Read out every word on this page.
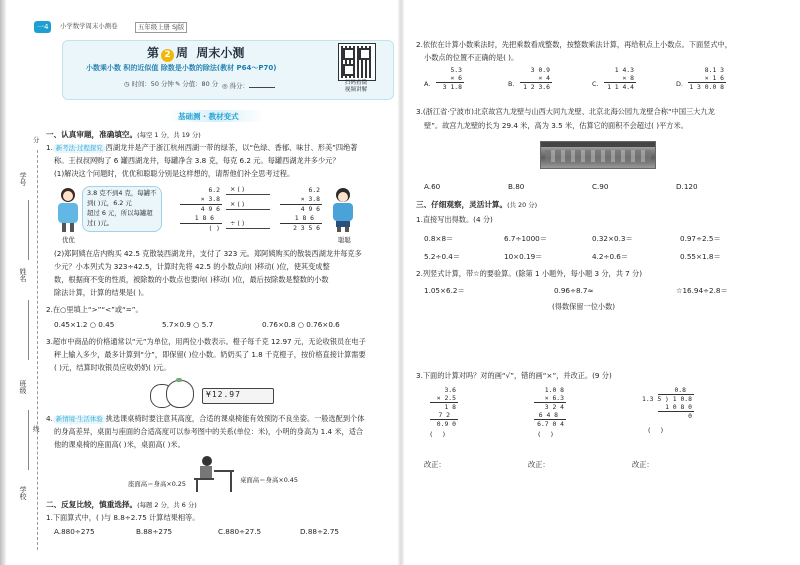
一4	小学数学周末小测卷	五年级上册 SJ版
第 2 周 周末小测
小数乘小数 积的近似值 除数是小数的除法(教材 P64～P70)
◷ 时间：50 分钟 ✎ 分值：80 分 ◎ 得分：	扫码看微
视频讲解
基础测 · 教材变式
学号
姓名
班级
学校
分
线
一、认真审题，准确填空。(每空 1 分，共 19 分)
1. 新考法·过程探究 西湖龙井是产于浙江杭州西湖一带的绿茶，以“色绿、香郁、味甘、形美”四绝著
称。王叔叔网购了 6 罐西湖龙井，每罐净含 3.8 克，每克 6.2 元。每罐西湖龙井多少元？
(1)解决这个问题时，优优和聪聪分别是这样想的，请帮他们补全思考过程。
3.8 克不到4 克，每罐不
到( )元，6.2 元
超过 6 元，所以每罐超
过( )元。
优优
6.2
× 3.8
4 9 6
1 8 6
( )
× ( )
× ( )
÷ ( )
6.2
× 3.8
4 9 6
1 8 6
2 3 5 6
聪聪
(2)郑阿姨在店内购买 42.5 克散装西湖龙井，支付了 323 元。郑阿姨购买的散装西湖龙井每克多
少元？小本列式为 323÷42.5，计算时先将 42.5 的小数点向( )移动( )位，使其变成整
数，根据商不变的性质，被除数的小数点也要向( )移动( )位，最后按除数是整数的小数
除法计算，计算的结果是( )。
2.在○里填上“>”“<”或“=”。
0.45×1.2 ○ 0.45	5.7×0.9 ○ 5.7	0.76×0.8 ○ 0.76×0.6
3.超市中商品的价格通常以“元”为单位，用两位小数表示。橙子每千克 12.97 元，无论收银员在电子
秤上输入多少，最多计算到“分”，即保留( )位小数。奶奶买了 1.8 千克橙子，按价格直接计算需要
( )元，结算时收银员应收奶奶( )元。
¥12.97
4. 新情境·生活体验 挑选课桌椅时要注意其高度，合适的课桌椅能有效预防不良坐姿。一般选配到个体
的身高差异，桌面与座面的合适高度可以参考图中的关系(单位：米)，小明的身高为 1.4 米，适合
他的课桌椅的座面高( )米，桌面高( )米。
座面高＝身高×0.25	桌面高＝身高×0.45
二、反复比较，慎重选择。(每题 2 分，共 6 分)
1.下面算式中，( )与 8.8÷2.75 计算结果相等。
A.880÷275	B.88÷275	C.880÷27.5	D.88÷2.75
2.依依在计算小数乘法时，先把乘数看成整数，按整数乘法计算，再给积点上小数点。下面竖式中，
小数点的位置不正确的是( )。
A.
5.3
× 6
3 1.8	B.
3 0.9
× 4
1 2 3.6	C.
1 4.3
× 8
1 1 4.4	D.
8.1 3
× 1 6
1 3 0.0 8
3.(浙江省·宁波市)北京故宫九龙壁与山西大同九龙壁、北京北海公园九龙壁合称“中国三大九龙
壁”。故宫九龙壁的长为 29.4 米，高为 3.5 米，估算它的面积不会超过( )平方米。
A.60	B.80	C.90	D.120
三、仔细观察，灵活计算。(共 20 分)
1.直接写出得数。(4 分)
0.8×8＝	6.7÷1000＝	0.32×0.3＝	0.97÷2.5＝
5.2÷0.4＝	10×0.19＝	4.2÷0.6＝	0.55×1.8＝
2.列竖式计算，带☆的要验算。(除第 1 小题外，每小题 3 分，共 7 分)
1.05×6.2＝	0.96÷8.7≈	☆16.94÷2.8＝
(得数保留一位小数)
3.下面的计算对吗？对的画“√”，错的画“×”，并改正。(9 分)
3.6
× 2.5
1 8
7 2
0.9 0
(     )
1.0 8
× 6.3
3 2 4
6 4 8
6.7 0 4
(     )
0.8
1.3 5 ) 1 0.8
1 0 8 0
0
(     )
改正：	改正：	改正：
